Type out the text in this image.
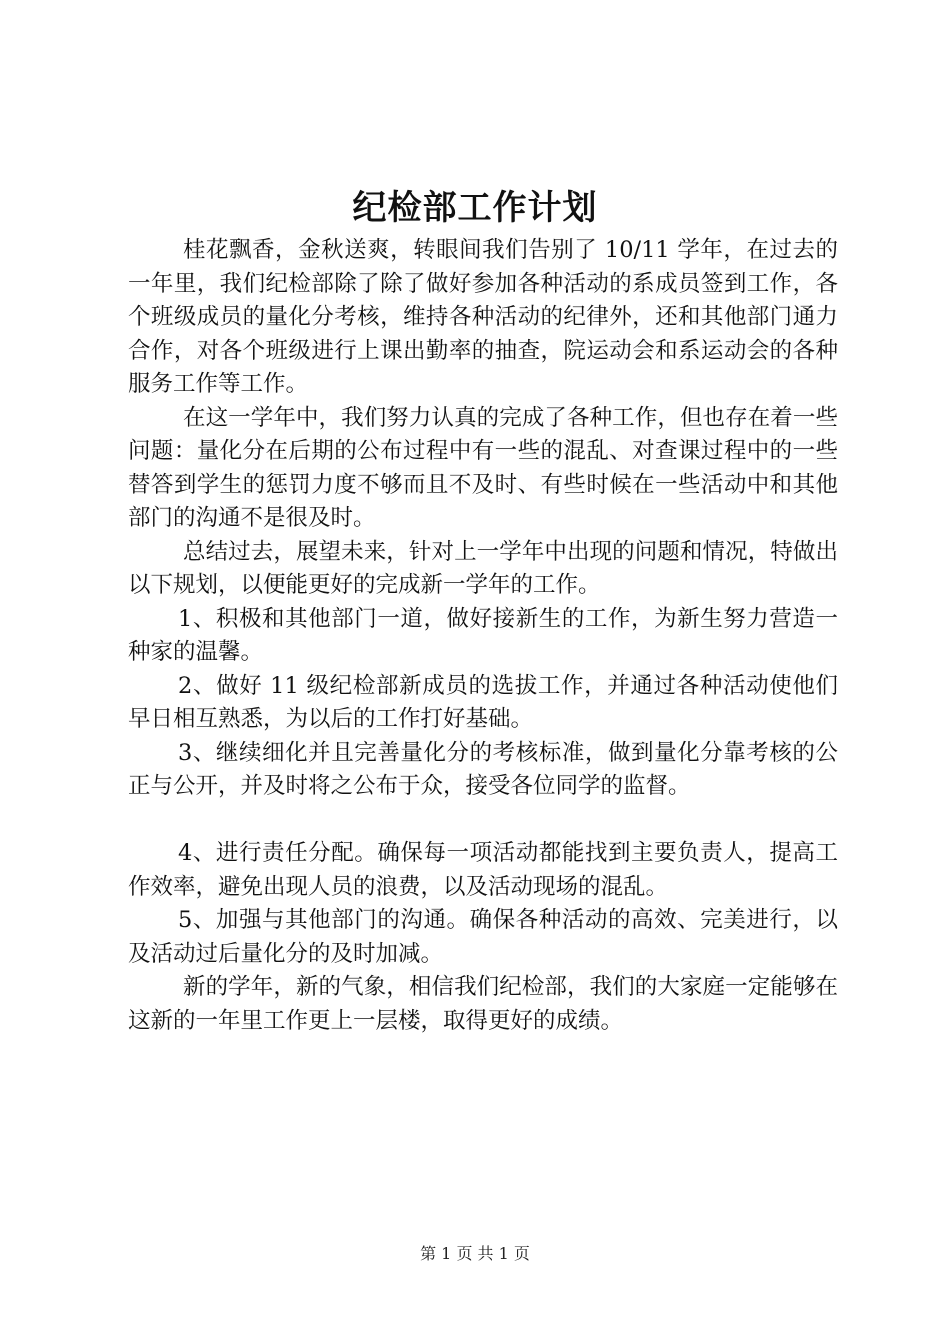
纪检部工作计划

桂花飘香，金秋送爽，转眼间我们告别了 10/11 学年，在过去的一年里，我们纪检部除了除了做好参加各种活动的系成员签到工作，各个班级成员的量化分考核，维持各种活动的纪律外，还和其他部门通力合作，对各个班级进行上课出勤率的抽查，院运动会和系运动会的各种服务工作等工作。

在这一学年中，我们努力认真的完成了各种工作，但也存在着一些问题：量化分在后期的公布过程中有一些的混乱、对查课过程中的一些替答到学生的惩罚力度不够而且不及时、有些时候在一些活动中和其他部门的沟通不是很及时。

总结过去，展望未来，针对上一学年中出现的问题和情况，特做出以下规划，以便能更好的完成新一学年的工作。

1、积极和其他部门一道，做好接新生的工作，为新生努力营造一种家的温馨。

2、做好 11 级纪检部新成员的选拔工作，并通过各种活动使他们早日相互熟悉，为以后的工作打好基础。

3、继续细化并且完善量化分的考核标准，做到量化分靠考核的公正与公开，并及时将之公布于众，接受各位同学的监督。

4、进行责任分配。确保每一项活动都能找到主要负责人，提高工作效率，避免出现人员的浪费，以及活动现场的混乱。

5、加强与其他部门的沟通。确保各种活动的高效、完美进行，以及活动过后量化分的及时加减。

新的学年，新的气象，相信我们纪检部，我们的大家庭一定能够在这新的一年里工作更上一层楼，取得更好的成绩。

第 1 页 共 1 页
